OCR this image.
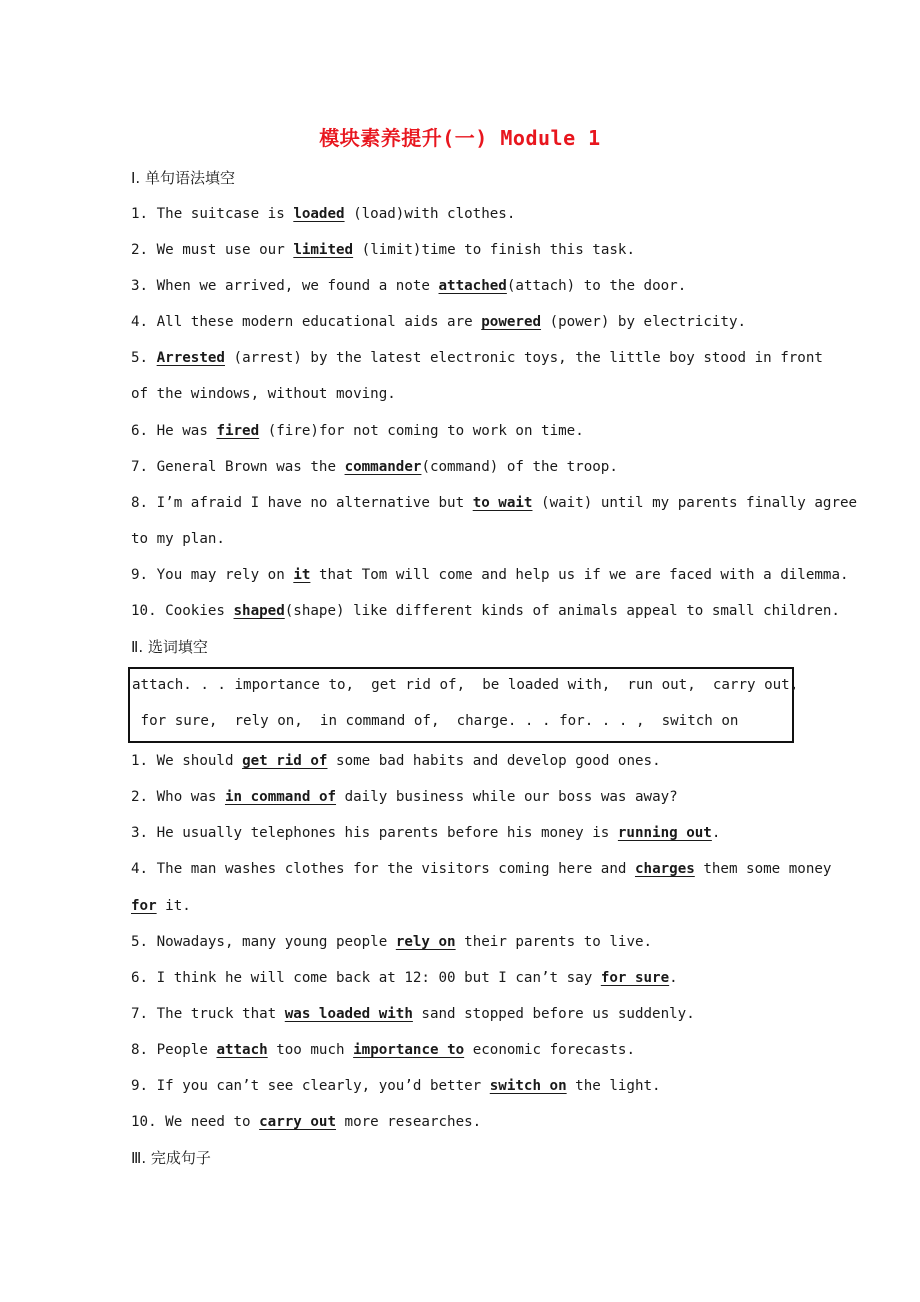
模块素养提升(一) Module 1
Ⅰ. 单句语法填空
1. The suitcase is loaded (load)with clothes.
2. We must use our limited (limit)time to finish this task.
3. When we arrived, we found a note attached(attach) to the door.
4. All these modern educational aids are powered (power) by electricity.
5. Arrested (arrest) by the latest electronic toys, the little boy stood in front
of the windows, without moving.
6. He was fired (fire)for not coming to work on time.
7. General Brown was the commander(command) of the troop.
8. I’m afraid I have no alternative but to wait (wait) until my parents finally agree
to my plan.
9. You may rely on it that Tom will come and help us if we are faced with a dilemma.
10. Cookies shaped(shape) like different kinds of animals appeal to small children.
Ⅱ. 选词填空
attach. . . importance to,  get rid of,  be loaded with,  run out,  carry out,
for sure,  rely on,  in command of,  charge. . . for. . . ,  switch on
1. We should get rid of some bad habits and develop good ones.
2. Who was in command of daily business while our boss was away?
3. He usually telephones his parents before his money is running out.
4. The man washes clothes for the visitors coming here and charges them some money
for it.
5. Nowadays, many young people rely on their parents to live.
6. I think he will come back at 12: 00 but I can’t say for sure.
7. The truck that was loaded with sand stopped before us suddenly.
8. People attach too much importance to economic forecasts.
9. If you can’t see clearly, you’d better switch on the light.
10. We need to carry out more researches.
Ⅲ. 完成句子
